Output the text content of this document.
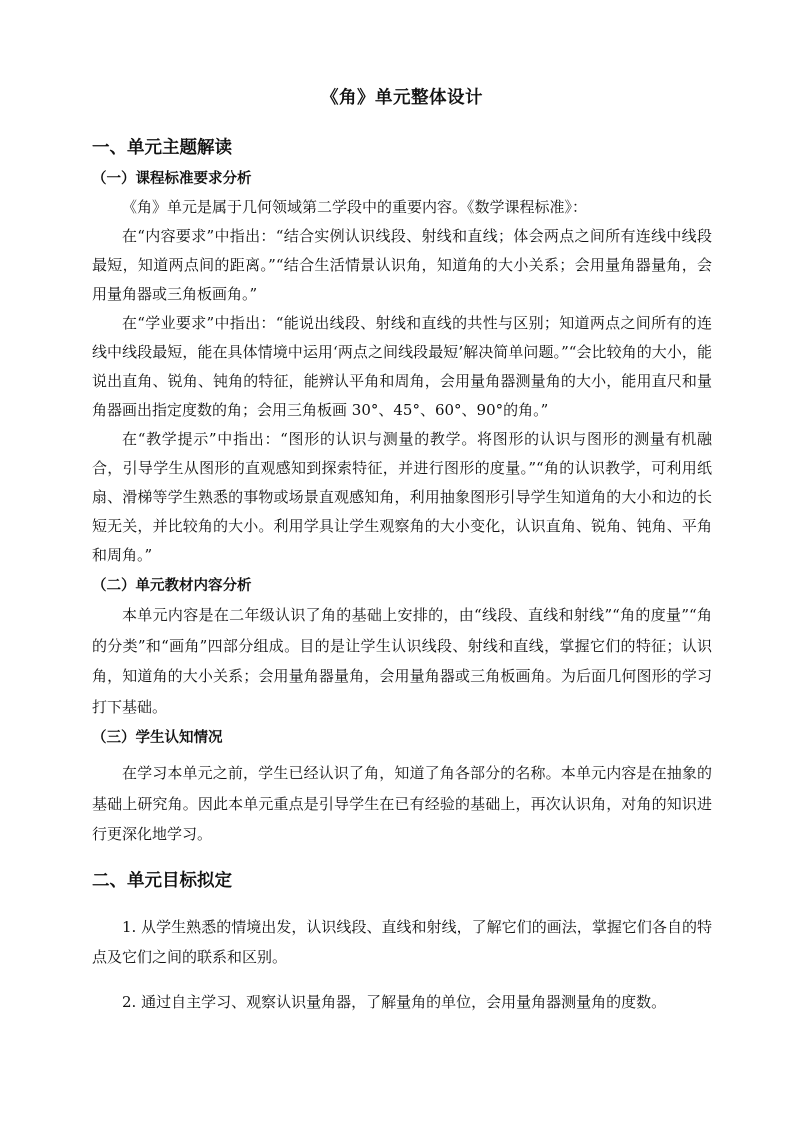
《角》单元整体设计
一、单元主题解读
（一）课程标准要求分析

《角》单元是属于几何领域第二学段中的重要内容。《数学课程标准》：

在“内容要求”中指出：“结合实例认识线段、射线和直线；体会两点之间所有连线中线段最短，知道两点间的距离。”“结合生活情景认识角，知道角的大小关系；会用量角器量角，会用量角器或三角板画角。”

在“学业要求”中指出：“能说出线段、射线和直线的共性与区别；知道两点之间所有的连线中线段最短，能在具体情境中运用‘两点之间线段最短’解决简单问题。”“会比较角的大小，能说出直角、锐角、钝角的特征，能辨认平角和周角，会用量角器测量角的大小，能用直尺和量角器画出指定度数的角；会用三角板画 30°、45°、60°、90°的角。”

在“教学提示”中指出：“图形的认识与测量的教学。将图形的认识与图形的测量有机融合，引导学生从图形的直观感知到探索特征，并进行图形的度量。”“角的认识教学，可利用纸扇、滑梯等学生熟悉的事物或场景直观感知角，利用抽象图形引导学生知道角的大小和边的长短无关，并比较角的大小。利用学具让学生观察角的大小变化，认识直角、锐角、钝角、平角和周角。”

（二）单元教材内容分析

本单元内容是在二年级认识了角的基础上安排的，由“线段、直线和射线”“角的度量”“角的分类”和“画角”四部分组成。目的是让学生认识线段、射线和直线，掌握它们的特征；认识角，知道角的大小关系；会用量角器量角，会用量角器或三角板画角。为后面几何图形的学习打下基础。

（三）学生认知情况

在学习本单元之前，学生已经认识了角，知道了角各部分的名称。本单元内容是在抽象的基础上研究角。因此本单元重点是引导学生在已有经验的基础上，再次认识角，对角的知识进行更深化地学习。

二、单元目标拟定

1. 从学生熟悉的情境出发，认识线段、直线和射线，了解它们的画法，掌握它们各自的特点及它们之间的联系和区别。

2. 通过自主学习、观察认识量角器，了解量角的单位，会用量角器测量角的度数。
